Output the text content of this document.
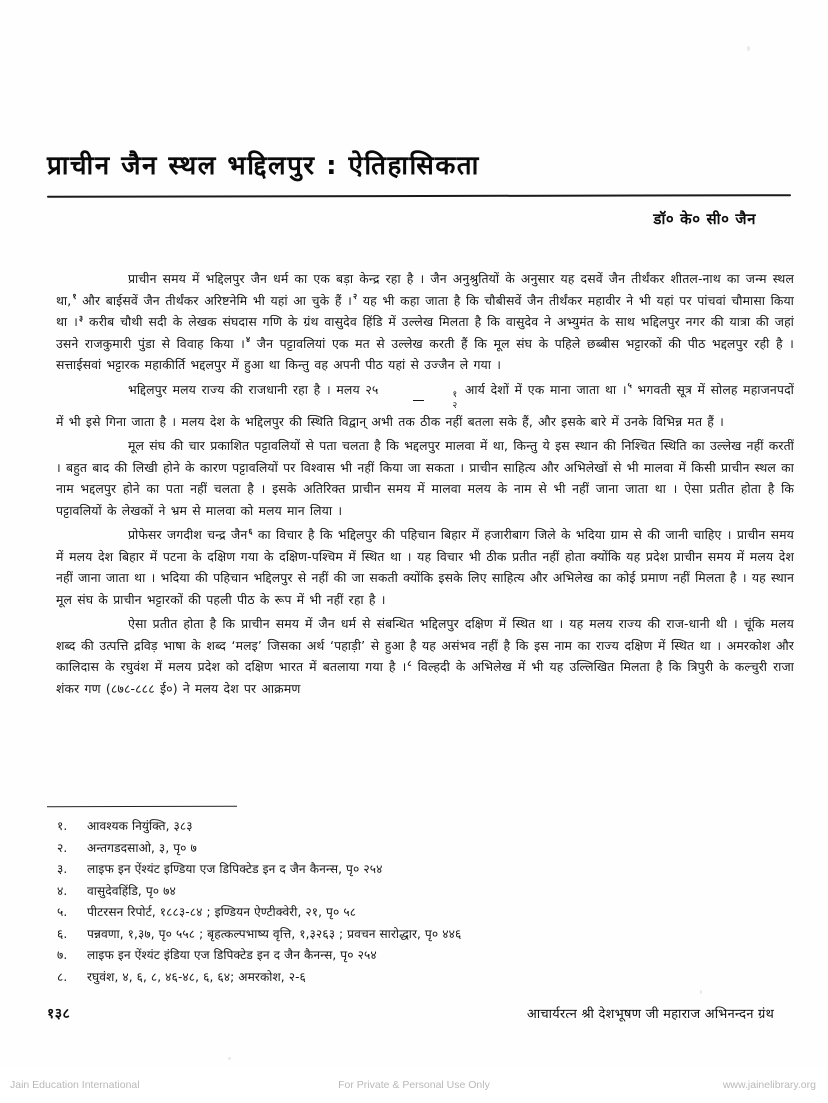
प्राचीन जैन स्थल भद्दिलपुर : ऐतिहासिकता
डॉ० के० सी० जैन

प्राचीन समय में भद्दिलपुर जैन धर्म का एक बड़ा केन्द्र रहा है । जैन अनुश्रुतियों के अनुसार यह दसवें जैन तीर्थंकर शीतल-नाथ का जन्म स्थल था,$^१$ और बाईसवें जैन तीर्थंकर अरिष्टनेमि भी यहां आ चुके हैं ।$^२$ यह भी कहा जाता है कि चौबीसवें जैन तीर्थंकर महावीर ने भी यहां पर पांचवां चौमासा किया था ।$^३$ करीब चौथी सदी के लेखक संघदास गणि के ग्रंथ वासुदेव हिंडि में उल्लेख मिलता है कि वासुदेव ने अभ्युमंत के साथ भद्दिलपुर नगर की यात्रा की जहां उसने राजकुमारी पुंडा से विवाह किया ।$^४$ जैन पट्टावलियां एक मत से उल्लेख करती हैं कि मूल संघ के पहिले छब्बीस भट्टारकों की पीठ भद्दलपुर रही है । सत्ताईसवां भट्टारक महाकीर्ति भद्दलपुर में हुआ था किन्तु वह अपनी पीठ यहां से उज्जैन ले गया ।

भद्दिलपुर मलय राज्य की राजधानी रहा है । मलय २५
$\frac{१}{२}$
आर्य देशों में एक माना जाता था ।$^५$ भगवती सूत्र में सोलह महाजनपदों में भी इसे गिना जाता है । मलय देश के भद्दिलपुर की स्थिति विद्वान् अभी तक ठीक नहीं बतला सके हैं, और इसके बारे में उनके विभिन्न मत हैं ।

मूल संघ की चार प्रकाशित पट्टावलियों से पता चलता है कि भद्दलपुर मालवा में था, किन्तु ये इस स्थान की निश्चित स्थिति का उल्लेख नहीं करतीं । बहुत बाद की लिखी होने के कारण पट्टावलियों पर विश्वास भी नहीं किया जा सकता । प्राचीन साहित्य और अभिलेखों से भी मालवा में किसी प्राचीन स्थल का नाम भद्दलपुर होने का पता नहीं चलता है । इसके अतिरिक्त प्राचीन समय में मालवा मलय के नाम से भी नहीं जाना जाता था । ऐसा प्रतीत होता है कि पट्टावलियों के लेखकों ने भ्रम से मालवा को मलय मान लिया ।

प्रोफेसर जगदीश चन्द्र जैन$^६$ का विचार है कि भद्दिलपुर की पहिचान बिहार में हजारीबाग जिले के भदिया ग्राम से की जानी चाहिए । प्राचीन समय में मलय देश बिहार में पटना के दक्षिण गया के दक्षिण-पश्चिम में स्थित था । यह विचार भी ठीक प्रतीत नहीं होता क्योंकि यह प्रदेश प्राचीन समय में मलय देश नहीं जाना जाता था । भदिया की पहिचान भद्दिलपुर से नहीं की जा सकती क्योंकि इसके लिए साहित्य और अभिलेख का कोई प्रमाण नहीं मिलता है । यह स्थान मूल संघ के प्राचीन भट्टारकों की पहली पीठ के रूप में भी नहीं रहा है ।

ऐसा प्रतीत होता है कि प्राचीन समय में जैन धर्म से संबन्धित भद्दिलपुर दक्षिण में स्थित था । यह मलय राज्य की राज-धानी थी । चूंकि मलय शब्द की उत्पत्ति द्रविड़ भाषा के शब्द ‘मलइ’ जिसका अर्थ ‘पहाड़ी’ से हुआ है यह असंभव नहीं है कि इस नाम का राज्य दक्षिण में स्थित था । अमरकोश और कालिदास के रघुवंश में मलय प्रदेश को दक्षिण भारत में बतलाया गया है ।$^८$ विल्हदी के अभिलेख में भी यह उल्लिखित मिलता है कि त्रिपुरी के कल्चुरी राजा शंकर गण (८७८-८८८ ई०) ने मलय देश पर आक्रमण

१.	आवश्यक नियुंक्ति, ३८३
२.	अन्तगडदसाओ, ३, पृ० ७
३.	लाइफ इन ऐंश्यंट इण्डिया एज डिपिक्टेड इन द जैन कैनन्स, पृ० २५४
४.	वासुदेवहिंडि, पृ० ७४
५.	पीटरसन रिपोर्ट, १८८३-८४ ; इण्डियन ऐण्टीक्वेरी, २१, पृ० ५८
६.	पन्नवणा, १,३७, पृ० ५५८ ; बृहत्कल्पभाष्य वृत्ति, १,३२६३ ; प्रवचन सारोद्धार, पृ० ४४६
७.	लाइफ इन ऐंश्यंट इंडिया एज डिपिक्टेड इन द जैन कैनन्स, पृ० २५४
८.	रघुवंश, ४, ६, ८, ४६-४८, ६, ६४; अमरकोश, २-६
१३८	आचार्यरत्न श्री देशभूषण जी महाराज अभिनन्दन ग्रंथ
Jain Education International	For Private & Personal Use Only	www.jainelibrary.org
